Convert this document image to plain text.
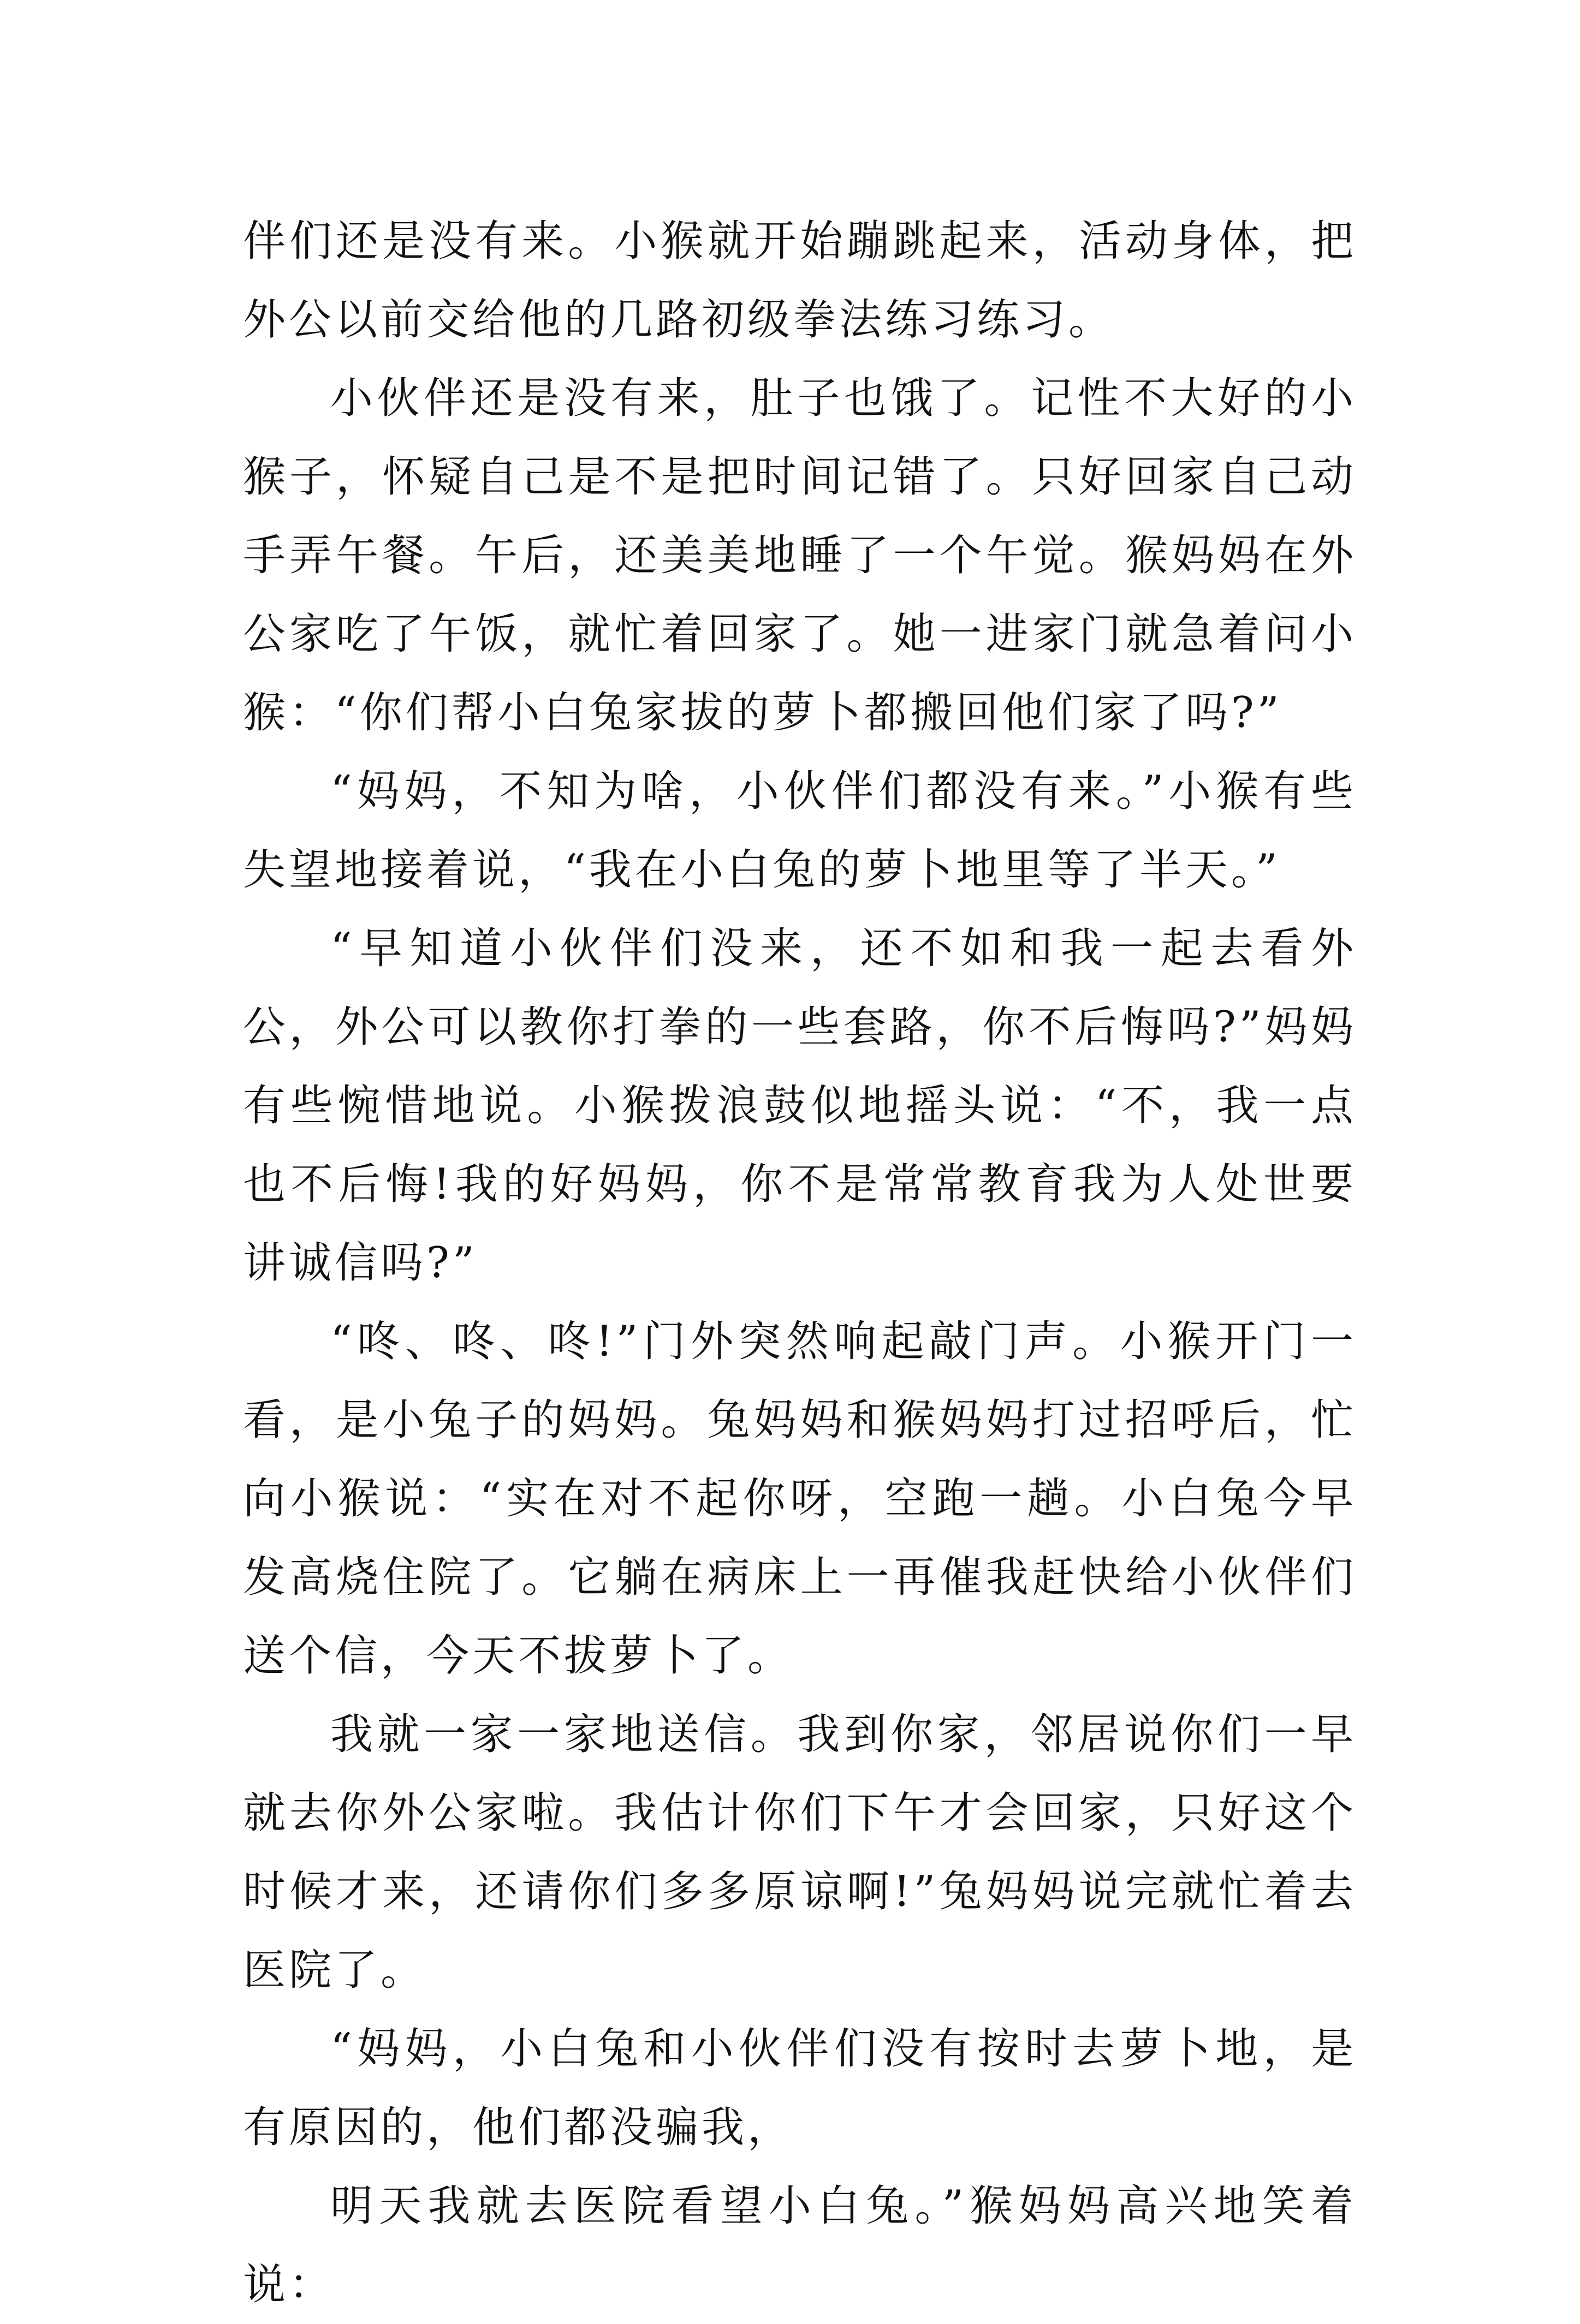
伴们还是没有来。小猴就开始蹦跳起来，活动身体，把外公以前交给他的几路初级拳法练习练习。

小伙伴还是没有来，肚子也饿了。记性不大好的小猴子，怀疑自己是不是把时间记错了。只好回家自己动手弄午餐。午后，还美美地睡了一个午觉。猴妈妈在外公家吃了午饭，就忙着回家了。她一进家门就急着问小猴：“你们帮小白兔家拔的萝卜都搬回他们家了吗?”

“妈妈，不知为啥，小伙伴们都没有来。”小猴有些失望地接着说，“我在小白兔的萝卜地里等了半天。”

“早知道小伙伴们没来，还不如和我一起去看外公，外公可以教你打拳的一些套路，你不后悔吗?”妈妈有些惋惜地说。小猴拨浪鼓似地摇头说：“不，我一点也不后悔!我的好妈妈，你不是常常教育我为人处世要讲诚信吗?”

“咚、咚、咚!”门外突然响起敲门声。小猴开门一看，是小兔子的妈妈。兔妈妈和猴妈妈打过招呼后，忙向小猴说：“实在对不起你呀，空跑一趟。小白兔今早发高烧住院了。它躺在病床上一再催我赶快给小伙伴们送个信，今天不拔萝卜了。

我就一家一家地送信。我到你家，邻居说你们一早就去你外公家啦。我估计你们下午才会回家，只好这个时候才来，还请你们多多原谅啊!”兔妈妈说完就忙着去医院了。

“妈妈，小白兔和小伙伴们没有按时去萝卜地，是有原因的，他们都没骗我，

明天我就去医院看望小白兔。”猴妈妈高兴地笑着说：
